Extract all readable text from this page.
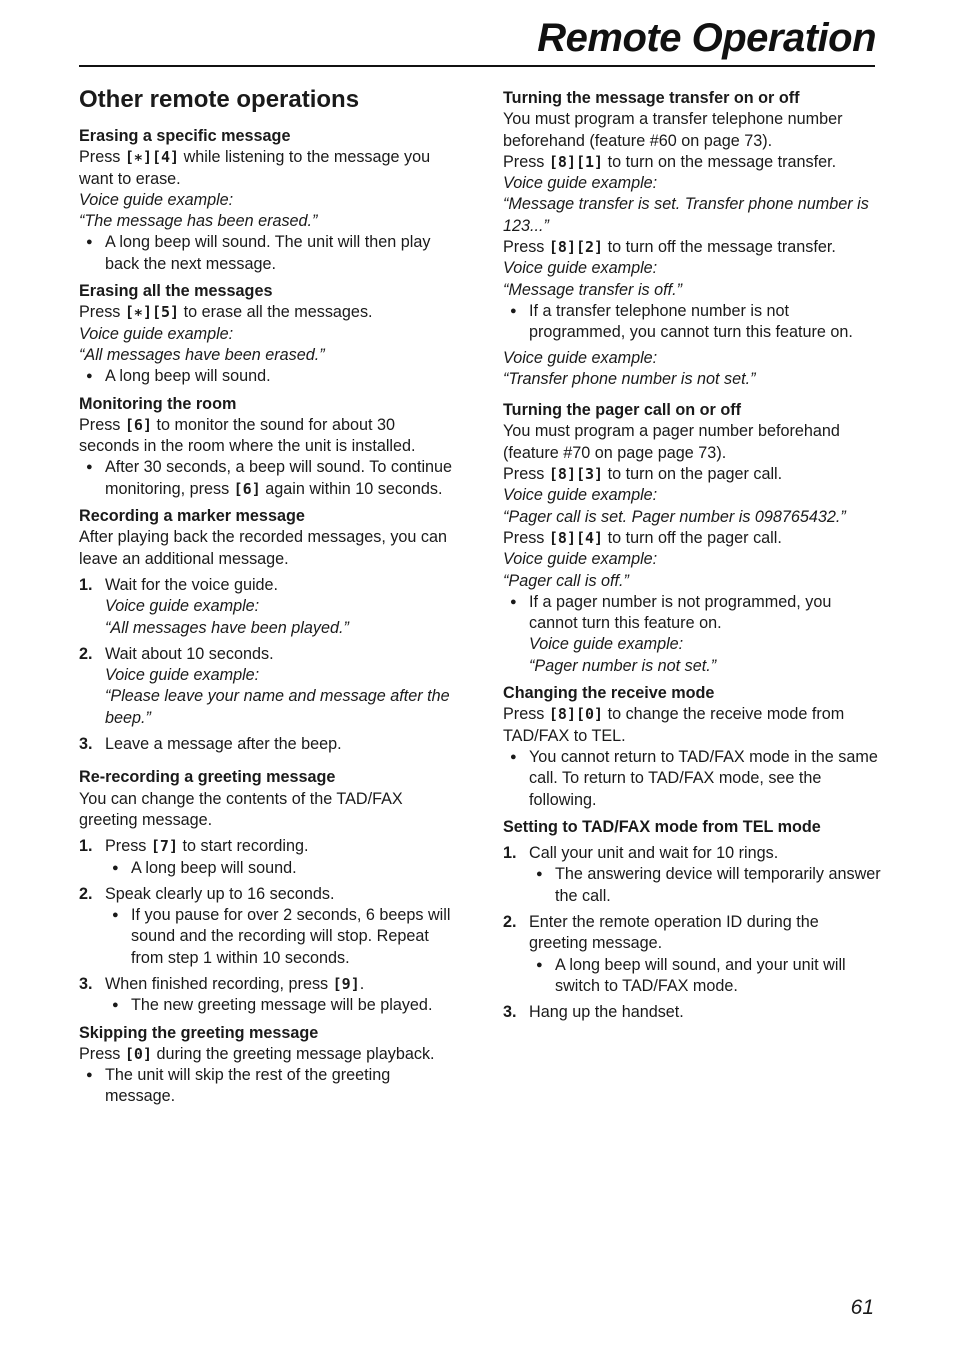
Remote Operation
Other remote operations

Erasing a specific message

Press [∗][4] while listening to the message you want to erase.

Voice guide example:

“The message has been erased.”

● A long beep will sound. The unit will then play back the next message.

Erasing all the messages

Press [∗][5] to erase all the messages.

Voice guide example:

“All messages have been erased.”

● A long beep will sound.

Monitoring the room

Press [6] to monitor the sound for about 30 seconds in the room where the unit is installed.

● After 30 seconds, a beep will sound. To continue monitoring, press [6] again within 10 seconds.

Recording a marker message

After playing back the recorded messages, you can leave an additional message.

1. Wait for the voice guide.

Voice guide example:

“All messages have been played.”

2. Wait about 10 seconds.

Voice guide example:

“Please leave your name and message after the beep.”

3. Leave a message after the beep.

Re-recording a greeting message

You can change the contents of the TAD/FAX greeting message.

1. Press [7] to start recording.

● A long beep will sound.

2. Speak clearly up to 16 seconds.

● If you pause for over 2 seconds, 6 beeps will sound and the recording will stop. Repeat from step 1 within 10 seconds.

3. When finished recording, press [9].

● The new greeting message will be played.

Skipping the greeting message

Press [0] during the greeting message playback.

● The unit will skip the rest of the greeting message.

Turning the message transfer on or off

You must program a transfer telephone number beforehand (feature #60 on page 73).

Press [8][1] to turn on the message transfer.

Voice guide example:

“Message transfer is set. Transfer phone number is 123...”

Press [8][2] to turn off the message transfer.

Voice guide example:

“Message transfer is off.”

● If a transfer telephone number is not programmed, you cannot turn this feature on.

Voice guide example:

“Transfer phone number is not set.”

Turning the pager call on or off

You must program a pager number beforehand (feature #70 on page page 73).

Press [8][3] to turn on the pager call.

Voice guide example:

“Pager call is set. Pager number is 098765432.”

Press [8][4] to turn off the pager call.

Voice guide example:

“Pager call is off.”

● If a pager number is not programmed, you cannot turn this feature on.

Voice guide example:

“Pager number is not set.”

Changing the receive mode

Press [8][0] to change the receive mode from TAD/FAX to TEL.

● You cannot return to TAD/FAX mode in the same call. To return to TAD/FAX mode, see the following.

Setting to TAD/FAX mode from TEL mode

1. Call your unit and wait for 10 rings.

● The answering device will temporarily answer the call.

2. Enter the remote operation ID during the greeting message.

● A long beep will sound, and your unit will switch to TAD/FAX mode.

3. Hang up the handset.

61
